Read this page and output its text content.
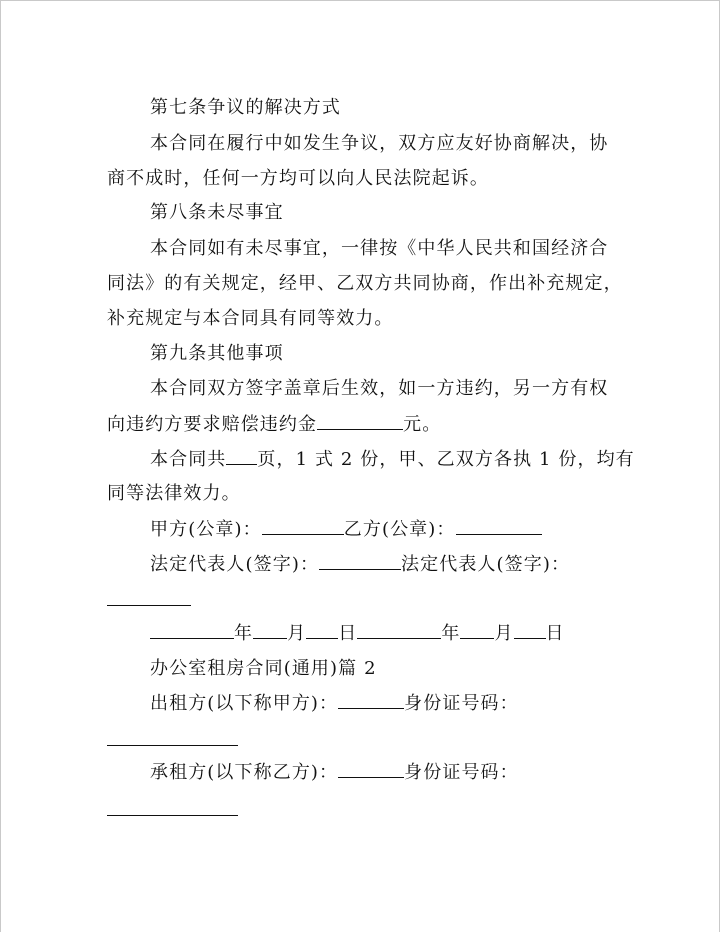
第七条争议的解决方式
本合同在履行中如发生争议，双方应友好协商解决，协
商不成时，任何一方均可以向人民法院起诉。
第八条未尽事宜
本合同如有未尽事宜，一律按《中华人民共和国经济合
同法》的有关规定，经甲、乙双方共同协商，作出补充规定，
补充规定与本合同具有同等效力。
第九条其他事项
本合同双方签字盖章后生效，如一方违约，另一方有权
向违约方要求赔偿违约金	元。
本合同共 页，1 式 2 份，甲、乙双方各执 1 份，均有
同等法律效力。
甲方(公章)：	乙方(公章)：
法定代表人(签字)：	法定代表人(签字)：
年 月 日	年 月 日
办公室租房合同(通用)篇 2
出租方(以下称甲方)：	身份证号码：
承租方(以下称乙方)：	身份证号码：
